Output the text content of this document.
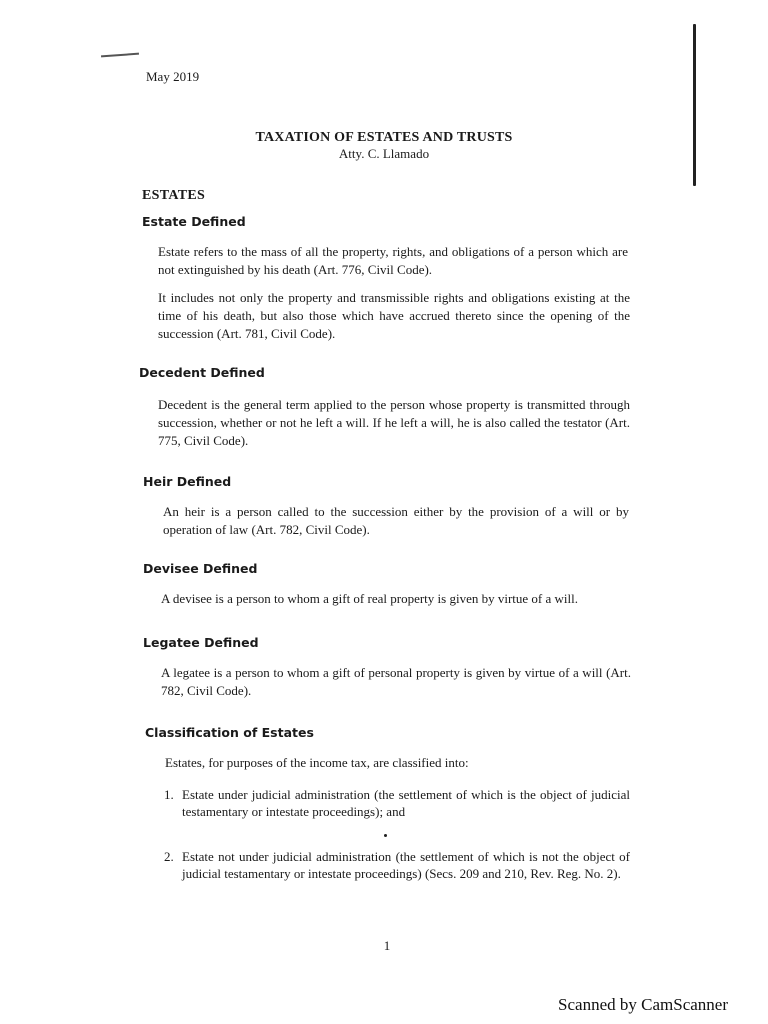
May 2019
TAXATION OF ESTATES AND TRUSTS
Atty. C. Llamado
ESTATES
Estate Defined

Estate refers to the mass of all the property, rights, and obligations of a person which are not extinguished by his death (Art. 776, Civil Code).

It includes not only the property and transmissible rights and obligations existing at the time of his death, but also those which have accrued thereto since the opening of the succession (Art. 781, Civil Code).

Decedent Defined

Decedent is the general term applied to the person whose property is transmitted through succession, whether or not he left a will. If he left a will, he is also called the testator (Art. 775, Civil Code).

Heir Defined

An heir is a person called to the succession either by the provision of a will or by operation of law (Art. 782, Civil Code).

Devisee Defined

A devisee is a person to whom a gift of real property is given by virtue of a will.

Legatee Defined

A legatee is a person to whom a gift of personal property is given by virtue of a will (Art. 782, Civil Code).

Classification of Estates

Estates, for purposes of the income tax, are classified into:

1. Estate under judicial administration (the settlement of which is the object of judicial testamentary or intestate proceedings); and

2. Estate not under judicial administration (the settlement of which is not the object of judicial testamentary or intestate proceedings) (Secs. 209 and 210, Rev. Reg. No. 2).

1
Scanned by CamScanner
